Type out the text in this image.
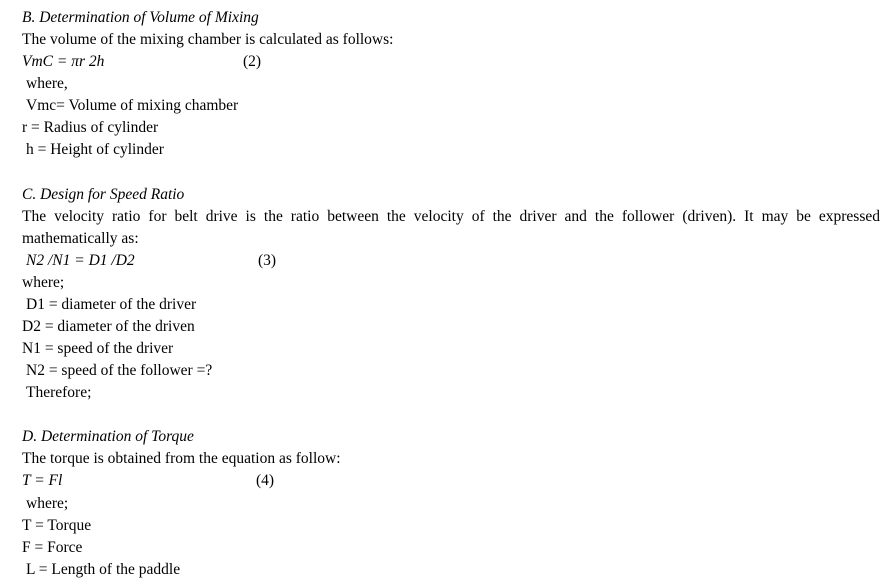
B. Determination of Volume of Mixing
The volume of the mixing chamber is calculated as follows:
VmC = πr 2h	(2)
where,
Vmc= Volume of mixing chamber
r = Radius of cylinder
h = Height of cylinder
C. Design for Speed Ratio
The velocity ratio for belt drive is the ratio between the velocity of the driver and the follower (driven). It may be expressed mathematically as:
N2 /N1 = D1 /D2	(3)
where;
D1 = diameter of the driver
D2 = diameter of the driven
N1 = speed of the driver
N2 = speed of the follower =?
Therefore;
D. Determination of Torque
The torque is obtained from the equation as follow:
T = Fl	(4)
where;
T = Torque
F = Force
L = Length of the paddle
